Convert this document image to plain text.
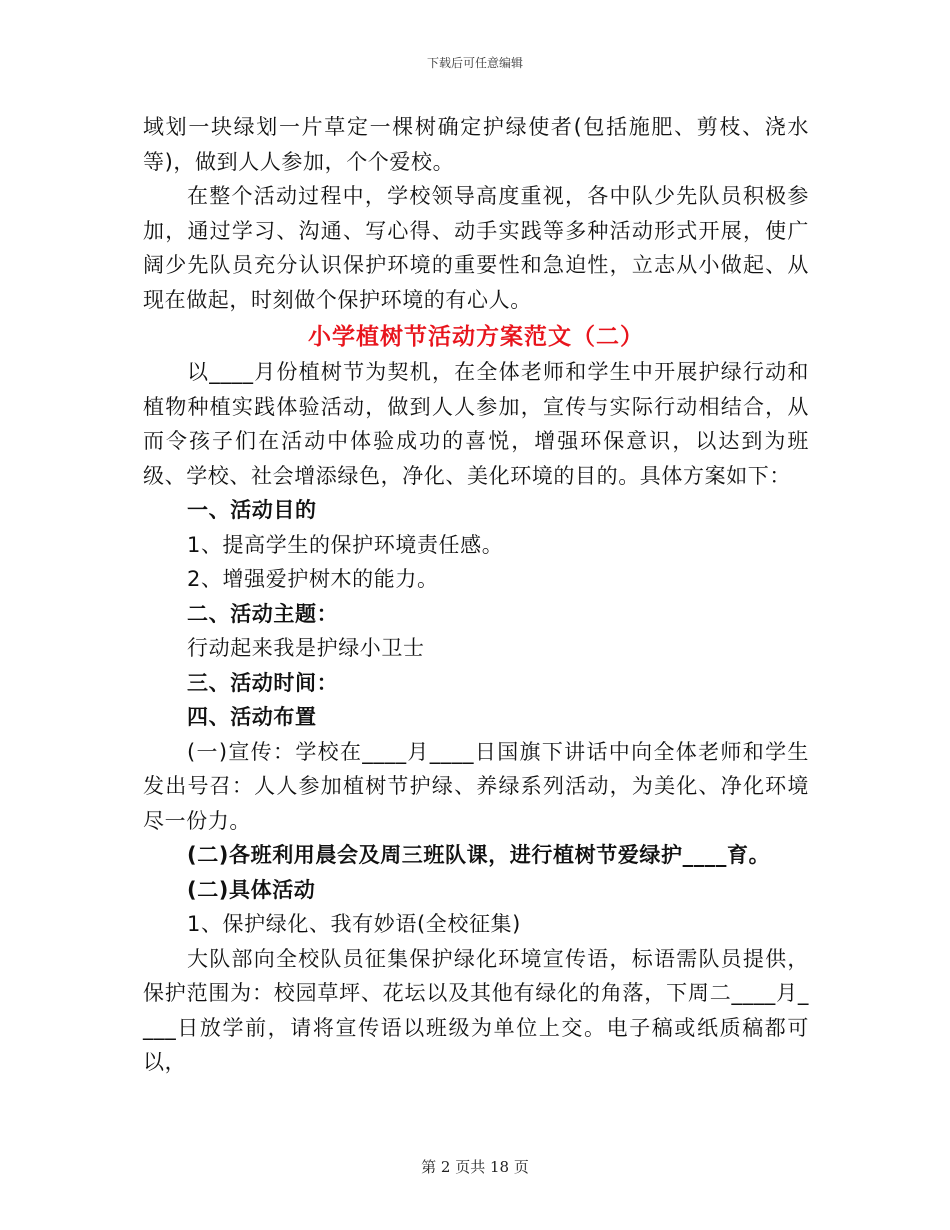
下载后可任意编辑

域划一块绿划一片草定一棵树确定护绿使者(包括施肥、剪枝、浇水等)，做到人人参加，个个爱校。

在整个活动过程中，学校领导高度重视，各中队少先队员积极参加，通过学习、沟通、写心得、动手实践等多种活动形式开展，使广阔少先队员充分认识保护环境的重要性和急迫性，立志从小做起、从现在做起，时刻做个保护环境的有心人。

小学植树节活动方案范文（二）

以____月份植树节为契机，在全体老师和学生中开展护绿行动和植物种植实践体验活动，做到人人参加，宣传与实际行动相结合，从而令孩子们在活动中体验成功的喜悦，增强环保意识，以达到为班级、学校、社会增添绿色，净化、美化环境的目的。具体方案如下：

一、活动目的

1、提高学生的保护环境责任感。

2、增强爱护树木的能力。

二、活动主题：

行动起来我是护绿小卫士

三、活动时间：

四、活动布置

(一)宣传：学校在____月____日国旗下讲话中向全体老师和学生发出号召：人人参加植树节护绿、养绿系列活动，为美化、净化环境尽一份力。

(二)各班利用晨会及周三班队课，进行植树节爱绿护____育。

(二)具体活动

1、保护绿化、我有妙语(全校征集)

大队部向全校队员征集保护绿化环境宣传语，标语需队员提供，保护范围为：校园草坪、花坛以及其他有绿化的角落，下周二____月____日放学前，请将宣传语以班级为单位上交。电子稿或纸质稿都可以，

第 2 页共 18 页
